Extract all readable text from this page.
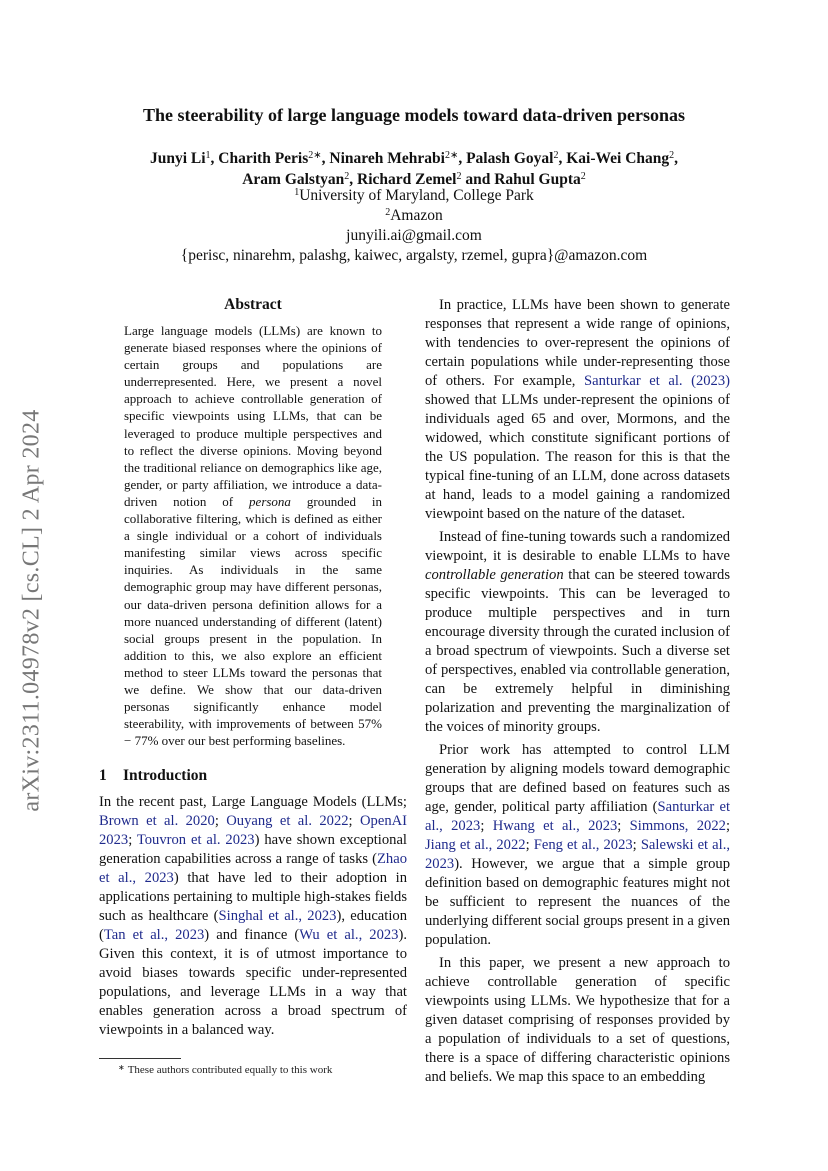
arXiv:2311.04978v2 [cs.CL] 2 Apr 2024
The steerability of large language models toward data-driven personas
Junyi Li$^1$, Charith Peris$^{2∗}$, Ninareh Mehrabi$^{2∗}$, Palash Goyal$^2$, Kai-Wei Chang$^2$,
Aram Galstyan$^2$, Richard Zemel$^2$ and Rahul Gupta$^2$
$^1$University of Maryland, College Park
$^2$Amazon
junyili.ai@gmail.com
{perisc, ninarehm, palashg, kaiwec, argalsty, rzemel, gupra}@amazon.com
Abstract

Large language models (LLMs) are known to generate biased responses where the opinions of certain groups and populations are underrepresented. Here, we present a novel approach to achieve controllable generation of specific viewpoints using LLMs, that can be leveraged to produce multiple perspectives and to reflect the diverse opinions. Moving beyond the traditional reliance on demographics like age, gender, or party affiliation, we introduce a data-driven notion of persona grounded in collaborative filtering, which is defined as either a single individual or a cohort of individuals manifesting similar views across specific inquiries. As individuals in the same demographic group may have different personas, our data-driven persona definition allows for a more nuanced understanding of different (latent) social groups present in the population. In addition to this, we also explore an efficient method to steer LLMs toward the personas that we define. We show that our data-driven personas significantly enhance model steerability, with improvements of between 57% − 77% over our best performing baselines.

1 Introduction

In the recent past, Large Language Models (LLMs; Brown et al. 2020; Ouyang et al. 2022; OpenAI 2023; Touvron et al. 2023) have shown exceptional generation capabilities across a range of tasks (Zhao et al., 2023) that have led to their adoption in applications pertaining to multiple high-stakes fields such as healthcare (Singhal et al., 2023), education (Tan et al., 2023) and finance (Wu et al., 2023). Given this context, it is of utmost importance to avoid biases towards specific under-represented populations, and leverage LLMs in a way that enables generation across a broad spectrum of viewpoints in a balanced way.

In practice, LLMs have been shown to generate responses that represent a wide range of opinions, with tendencies to over-represent the opinions of certain populations while under-representing those of others. For example, Santurkar et al. (2023) showed that LLMs under-represent the opinions of individuals aged 65 and over, Mormons, and the widowed, which constitute significant portions of the US population. The reason for this is that the typical fine-tuning of an LLM, done across datasets at hand, leads to a model gaining a randomized viewpoint based on the nature of the dataset.

Instead of fine-tuning towards such a randomized viewpoint, it is desirable to enable LLMs to have controllable generation that can be steered towards specific viewpoints. This can be leveraged to produce multiple perspectives and in turn encourage diversity through the curated inclusion of a broad spectrum of viewpoints. Such a diverse set of perspectives, enabled via controllable generation, can be extremely helpful in diminishing polarization and preventing the marginalization of the voices of minority groups.

Prior work has attempted to control LLM generation by aligning models toward demographic groups that are defined based on features such as age, gender, political party affiliation (Santurkar et al., 2023; Hwang et al., 2023; Simmons, 2022; Jiang et al., 2022; Feng et al., 2023; Salewski et al., 2023). However, we argue that a simple group definition based on demographic features might not be sufficient to represent the nuances of the underlying different social groups present in a given population.

In this paper, we present a new approach to achieve controllable generation of specific viewpoints using LLMs. We hypothesize that for a given dataset comprising of responses provided by a population of individuals to a set of questions, there is a space of differing characteristic opinions and beliefs. We map this space to an embedding

∗ These authors contributed equally to this work
